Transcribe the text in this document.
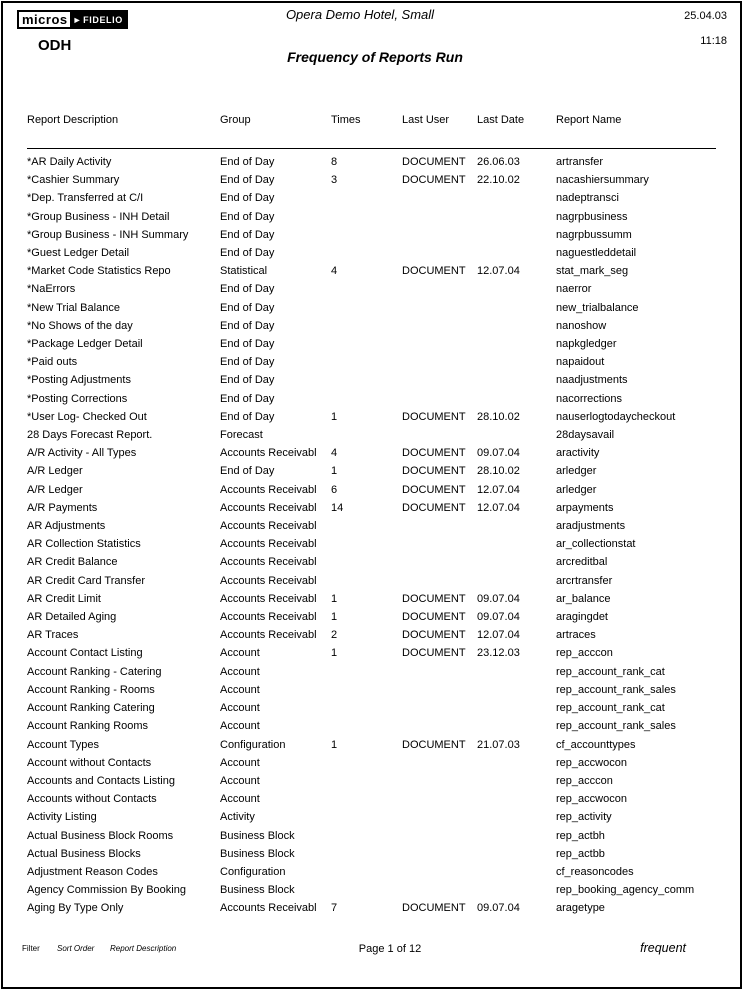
micros ► FIDELIO
ODH
Opera Demo Hotel, Small
Frequency of Reports Run
25.04.03
11:18
Report Description	Group	Times	Last User	Last Date	Report Name
*AR Daily Activity	End of Day	8	DOCUMENT 26.06.03	artransfer
*Cashier Summary	End of Day	3	DOCUMENT 22.10.02	nacashiersummary
*Dep. Transferred at C/I	End of Day	nadeptransci
*Group Business - INH Detail	End of Day	nagrpbusiness
*Group Business - INH Summary	End of Day	nagrpbussumm
*Guest Ledger Detail	End of Day	naguestleddetail
*Market Code Statistics Repo	Statistical	4	DOCUMENT 12.07.04	stat_mark_seg
*NaErrors	End of Day	naerror
*New Trial Balance	End of Day	new_trialbalance
*No Shows of the day	End of Day	nanoshow
*Package Ledger Detail	End of Day	napkgledger
*Paid outs	End of Day	napaidout
*Posting Adjustments	End of Day	naadjustments
*Posting Corrections	End of Day	nacorrections
*User Log- Checked Out	End of Day	1	DOCUMENT 28.10.02	nauserlogtodaycheckout
28 Days Forecast Report.	Forecast	28daysavail
A/R Activity - All Types	Accounts Receivabl 4	DOCUMENT 09.07.04	aractivity
A/R Ledger	End of Day	1	DOCUMENT 28.10.02	arledger
A/R Ledger	Accounts Receivabl 6	DOCUMENT 12.07.04	arledger
A/R Payments	Accounts Receivabl 14	DOCUMENT 12.07.04	arpayments
AR Adjustments	Accounts Receivabl	aradjustments
AR Collection Statistics	Accounts Receivabl	ar_collectionstat
AR Credit Balance	Accounts Receivabl	arcreditbal
AR Credit Card Transfer	Accounts Receivabl	arcrtransfer
AR Credit Limit	Accounts Receivabl 1	DOCUMENT 09.07.04	ar_balance
AR Detailed Aging	Accounts Receivabl 1	DOCUMENT 09.07.04	aragingdet
AR Traces	Accounts Receivabl 2	DOCUMENT 12.07.04	artraces
Account Contact Listing	Account	1	DOCUMENT 23.12.03	rep_acccon
Account Ranking - Catering	Account	rep_account_rank_cat
Account Ranking - Rooms	Account	rep_account_rank_sales
Account Ranking Catering	Account	rep_account_rank_cat
Account Ranking Rooms	Account	rep_account_rank_sales
Account Types	Configuration	1	DOCUMENT 21.07.03	cf_accounttypes
Account without Contacts	Account	rep_accwocon
Accounts and Contacts Listing	Account	rep_acccon
Accounts without Contacts	Account	rep_accwocon
Activity Listing	Activity	rep_activity
Actual Business Block Rooms	Business Block	rep_actbh
Actual Business Blocks	Business Block	rep_actbb
Adjustment Reason Codes	Configuration	cf_reasoncodes
Agency Commission By Booking	Business Block	rep_booking_agency_comm
Aging By Type Only	Accounts Receivabl 7	DOCUMENT 09.07.04	aragetype
Filter Sort Order Report Description	Page 1 of 12	frequent
